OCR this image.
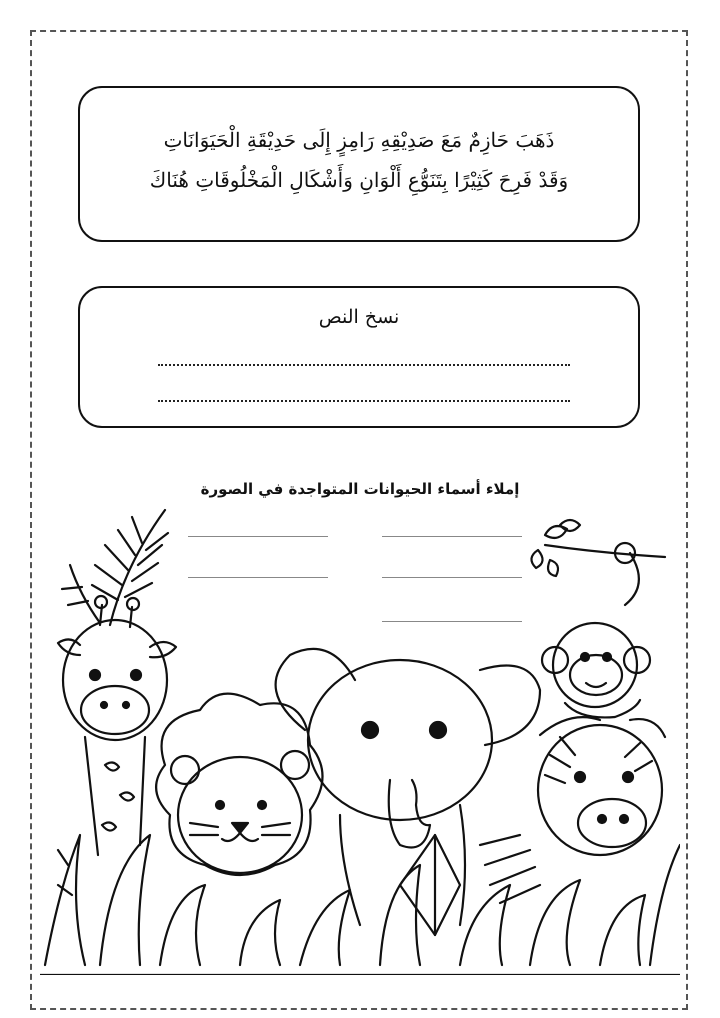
ذَهَبَ حَازِمٌ مَعَ صَدِيْقِهِ رَامِزٍ إِلَى حَدِيْقَةِ الْحَيَوَانَاتِ
وَقَدْ فَرِحَ كَثِيْرًا بِتَنَوُّعِ أَلْوَانِ وَأَشْكَالِ الْمَخْلُوقَاتِ هُنَاكَ
نسخ النص
إملاء أسماء الحيوانات المتواجدة في الصورة
